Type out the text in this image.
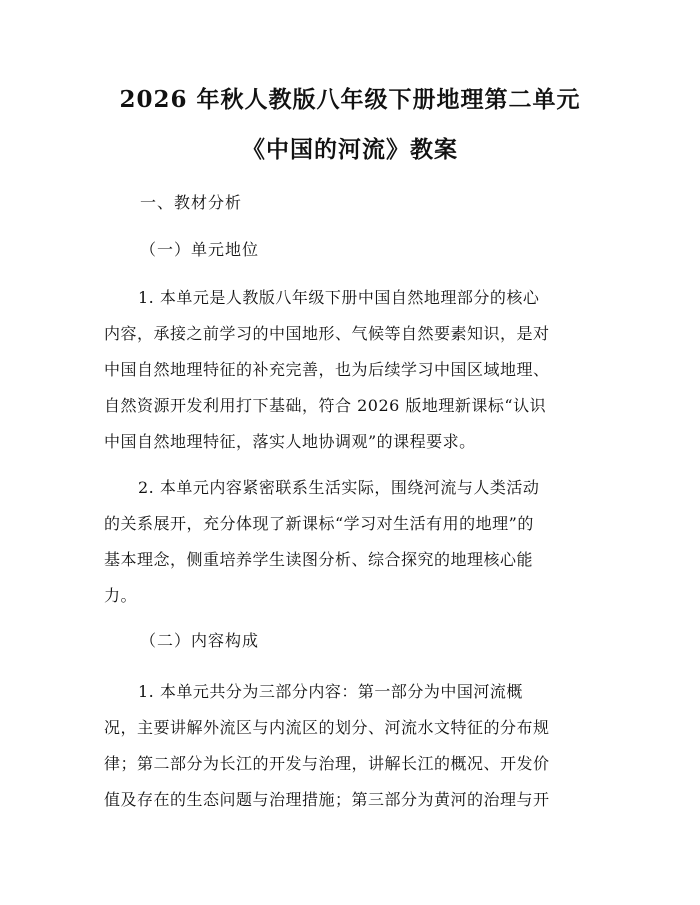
2026 年秋人教版八年级下册地理第二单元
《中国的河流》教案
一、教材分析
（一）单元地位
1. 本单元是人教版八年级下册中国自然地理部分的核心
内容，承接之前学习的中国地形、气候等自然要素知识，是对
中国自然地理特征的补充完善，也为后续学习中国区域地理、
自然资源开发利用打下基础，符合 2026 版地理新课标“认识
中国自然地理特征，落实人地协调观”的课程要求。
2. 本单元内容紧密联系生活实际，围绕河流与人类活动
的关系展开，充分体现了新课标“学习对生活有用的地理”的
基本理念，侧重培养学生读图分析、综合探究的地理核心能
力。
（二）内容构成
1. 本单元共分为三部分内容：第一部分为中国河流概
况，主要讲解外流区与内流区的划分、河流水文特征的分布规
律；第二部分为长江的开发与治理，讲解长江的概况、开发价
值及存在的生态问题与治理措施；第三部分为黄河的治理与开
